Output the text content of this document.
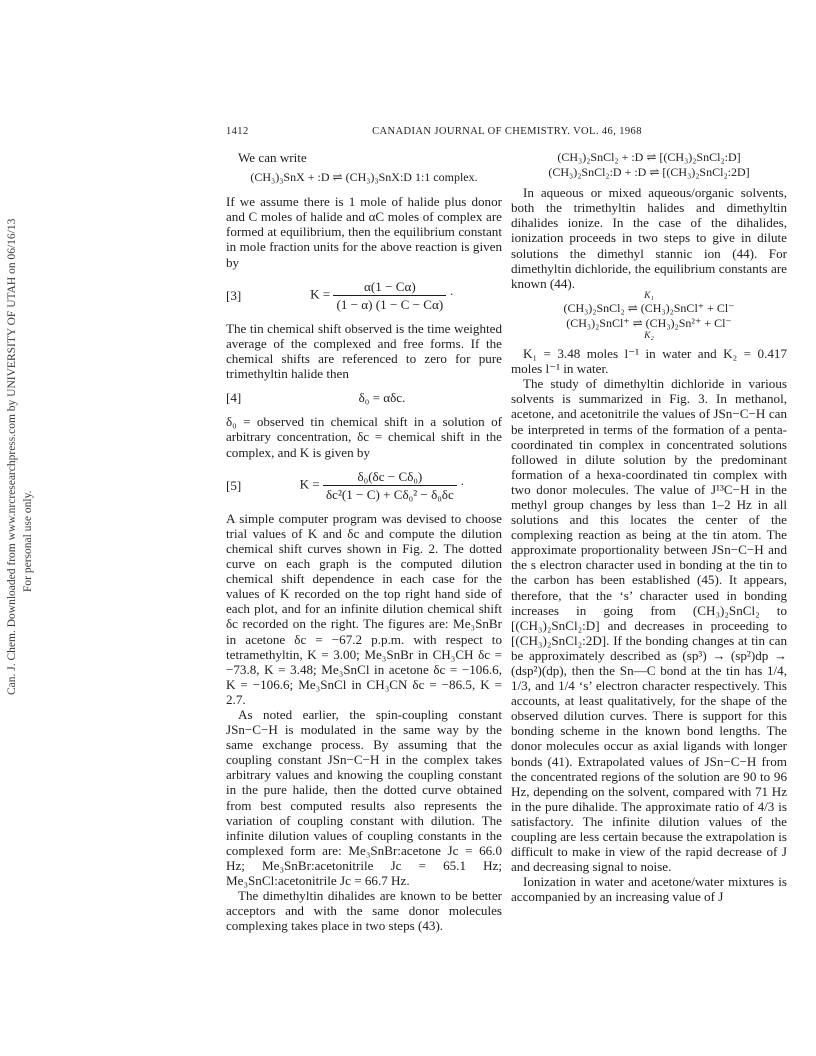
Can. J. Chem. Downloaded from www.nrcresearchpress.com by UNIVERSITY OF UTAH on 06/16/13 For personal use only.
1412	CANADIAN JOURNAL OF CHEMISTRY. VOL. 46, 1968

We can write

(CH₃)₃SnX + :D ⇌ (CH₃)₃SnX:D 1:1 complex.

If we assume there is 1 mole of halide plus donor and C moles of halide and αC moles of complex are formed at equilibrium, then the equilibrium constant in mole fraction units for the above reaction is given by

[3]	$K = \frac{\alpha(1 - C\alpha)}{(1 - \alpha) (1 - C - C\alpha)}$ ·

The tin chemical shift observed is the time weighted average of the complexed and free forms. If the chemical shifts are referenced to zero for pure trimethyltin halide then

[4]	δ₀ = αδc.

δ₀ = observed tin chemical shift in a solution of arbitrary concentration, δc = chemical shift in the complex, and K is given by

[5]	$K = \frac{\text{δ₀(δc − Cδ₀)}}{\text{δc²(1 − C) + Cδ₀² − δ₀δc}}$ ·

A simple computer program was devised to choose trial values of K and δc and compute the dilution chemical shift curves shown in Fig. 2. The dotted curve on each graph is the computed dilution chemical shift dependence in each case for the values of K recorded on the top right hand side of each plot, and for an infinite dilution chemical shift δc recorded on the right. The figures are: Me₃SnBr in acetone δc = −67.2 p.p.m. with respect to tetramethyltin, K = 3.00; Me₃SnBr in CH₃CH δc = −73.8, K = 3.48; Me₃SnCl in acetone δc = −106.6, K = −106.6; Me₃SnCl in CH₃CN δc = −86.5, K = 2.7.

As noted earlier, the spin-coupling constant JSn−C−H is modulated in the same way by the same exchange process. By assuming that the coupling constant JSn−C−H in the complex takes arbitrary values and knowing the coupling constant in the pure halide, then the dotted curve obtained from best computed results also represents the variation of coupling constant with dilution. The infinite dilution values of coupling constants in the complexed form are: Me₃SnBr:acetone Jc = 66.0 Hz; Me₃SnBr:acetonitrile Jc = 65.1 Hz; Me₃SnCl:acetonitrile Jc = 66.7 Hz.

The dimethyltin dihalides are known to be better acceptors and with the same donor molecules complexing takes place in two steps (43).

(CH₃)₂SnCl₂ + :D ⇌ [(CH₃)₂SnCl₂:D]
(CH₃)₂SnCl₂:D + :D ⇌ [(CH₃)₂SnCl₂:2D]

In aqueous or mixed aqueous/organic solvents, both the trimethyltin halides and dimethyltin dihalides ionize. In the case of the dihalides, ionization proceeds in two steps to give in dilute solutions the dimethyl stannic ion (44). For dimethyltin dichloride, the equilibrium constants are known (44).

K₁
(CH₃)₂SnCl₂ ⇌ (CH₃)₂SnCl⁺ + Cl⁻
(CH₃)₂SnCl⁺ ⇌ (CH₃)₂Sn²⁺ + Cl⁻
K₂

K₁ = 3.48 moles l⁻¹ in water and K₂ = 0.417 moles l⁻¹ in water.

The study of dimethyltin dichloride in various solvents is summarized in Fig. 3. In methanol, acetone, and acetonitrile the values of JSn−C−H can be interpreted in terms of the formation of a penta-coordinated tin complex in concentrated solutions followed in dilute solution by the predominant formation of a hexa-coordinated tin complex with two donor molecules. The value of J¹³C−H in the methyl group changes by less than 1–2 Hz in all solutions and this locates the center of the complexing reaction as being at the tin atom. The approximate proportionality between JSn−C−H and the s electron character used in bonding at the tin to the carbon has been established (45). It appears, therefore, that the ‘s’ character used in bonding increases in going from (CH₃)₂SnCl₂ to [(CH₃)₂SnCl₂:D] and decreases in proceeding to [(CH₃)₂SnCl₂:2D]. If the bonding changes at tin can be approximately described as (sp³) → (sp²)dp → (dsp²)(dp), then the Sn—C bond at the tin has 1/4, 1/3, and 1/4 ‘s’ electron character respectively. This accounts, at least qualitatively, for the shape of the observed dilution curves. There is support for this bonding scheme in the known bond lengths. The donor molecules occur as axial ligands with longer bonds (41). Extrapolated values of JSn−C−H from the concentrated regions of the solution are 90 to 96 Hz, depending on the solvent, compared with 71 Hz in the pure dihalide. The approximate ratio of 4/3 is satisfactory. The infinite dilution values of the coupling are less certain because the extrapolation is difficult to make in view of the rapid decrease of J and decreasing signal to noise.

Ionization in water and acetone/water mixtures is accompanied by an increasing value of J
